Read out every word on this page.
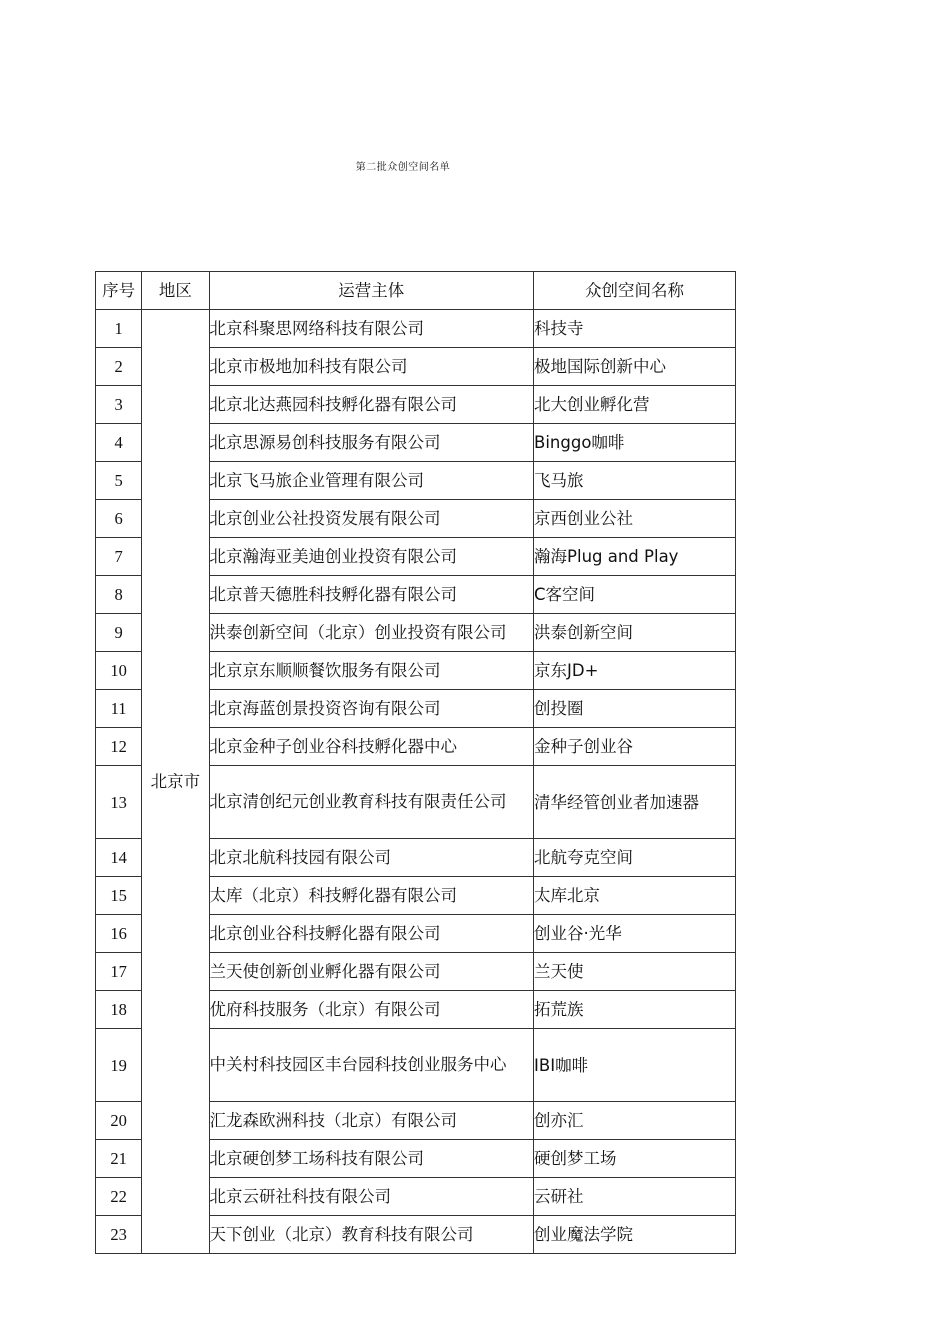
第二批众创空间名单
序号	地区	运营主体	众创空间名称
1	北京市	北京科聚思网络科技有限公司	科技寺
2		北京市极地加科技有限公司	极地国际创新中心
3		北京北达燕园科技孵化器有限公司	北大创业孵化营
4		北京思源易创科技服务有限公司	Binggo咖啡
5		北京飞马旅企业管理有限公司	飞马旅
6		北京创业公社投资发展有限公司	京西创业公社
7		北京瀚海亚美迪创业投资有限公司	瀚海Plug and Play
8		北京普天德胜科技孵化器有限公司	C客空间
9		洪泰创新空间（北京）创业投资有限公司	洪泰创新空间
10		北京京东顺顺餐饮服务有限公司	京东JD+
11		北京海蓝创景投资咨询有限公司	创投圈
12		北京金种子创业谷科技孵化器中心	金种子创业谷
13		北京清创纪元创业教育科技有限责任公司	清华经管创业者加速器
14		北京北航科技园有限公司	北航夸克空间
15		太库（北京）科技孵化器有限公司	太库北京
16		北京创业谷科技孵化器有限公司	创业谷·光华
17		兰天使创新创业孵化器有限公司	兰天使
18		优府科技服务（北京）有限公司	拓荒族
19		中关村科技园区丰台园科技创业服务中心	IBI咖啡
20		汇龙森欧洲科技（北京）有限公司	创亦汇
21		北京硬创梦工场科技有限公司	硬创梦工场
22		北京云研社科技有限公司	云研社
23		天下创业（北京）教育科技有限公司	创业魔法学院
